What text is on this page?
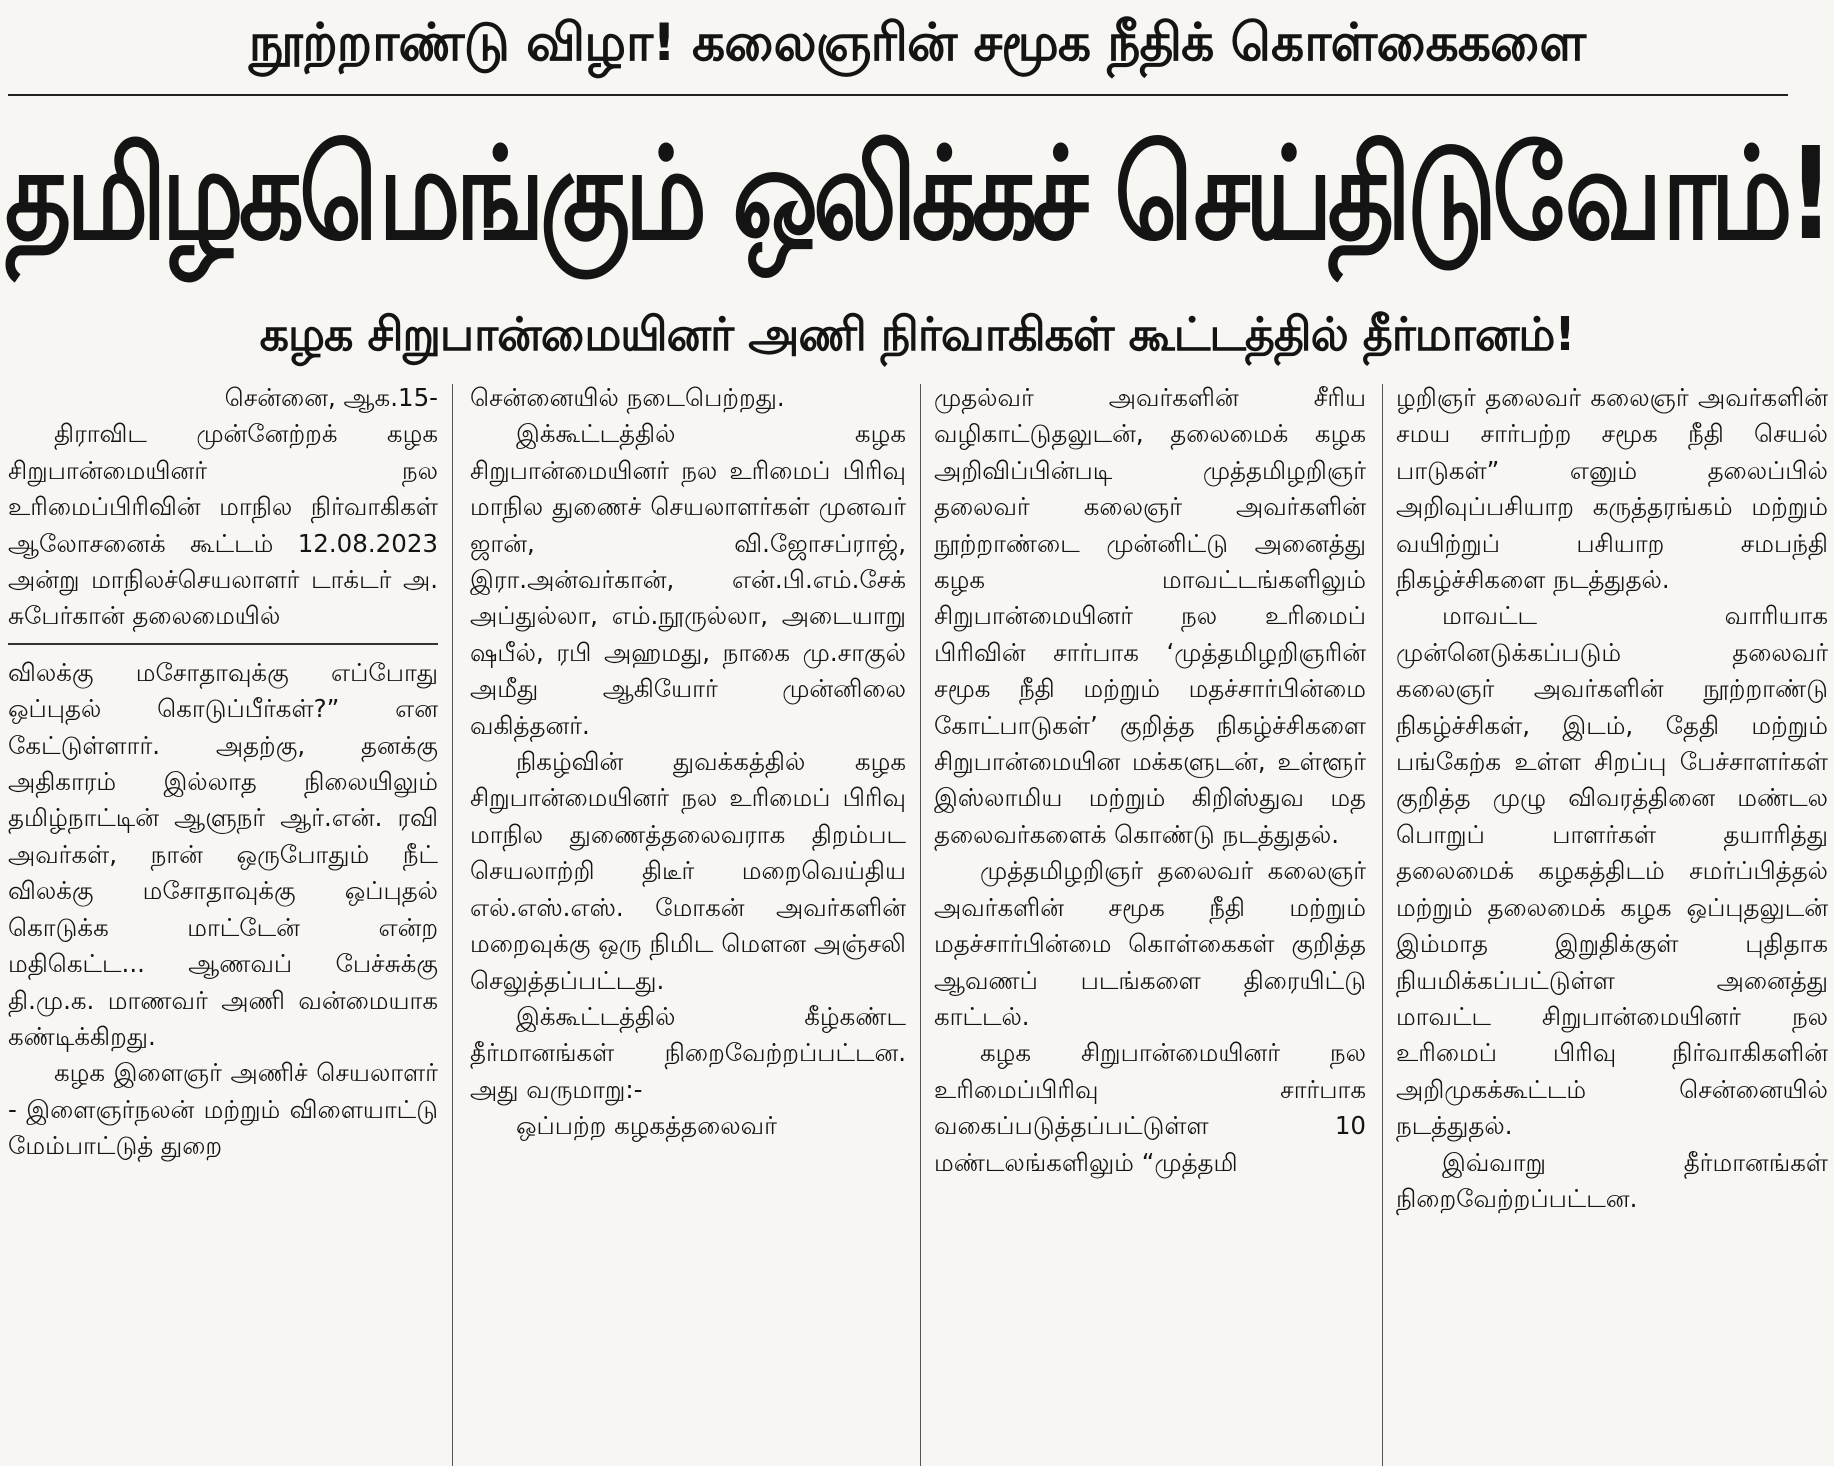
நூற்றாண்டு விழா! கலைஞரின் சமூக நீதிக் கொள்கைகளை
தமிழகமெங்கும் ஒலிக்கச் செய்திடுவோம்!
கழக சிறுபான்மையினர் அணி நிர்வாகிகள் கூட்டத்தில் தீர்மானம்!

சென்னை, ஆக.15-

திராவிட முன்னேற்றக் கழக சிறுபான்மையினர் நல உரிமைப்பிரிவின் மாநில நிர்வாகிகள் ஆலோசனைக் கூட்டம் 12.08.2023 அன்று மாநிலச்செயலாளர் டாக்டர் அ. சுபேர்கான் தலைமையில்

விலக்கு மசோதாவுக்கு எப்போது ஒப்புதல் கொடுப்பீர்கள்?” என கேட்டுள்ளார். அதற்கு, தனக்கு அதிகாரம் இல்லாத நிலையிலும் தமிழ்நாட்டின் ஆளுநர் ஆர்.என். ரவி அவர்கள், நான் ஒருபோதும் நீட் விலக்கு மசோதாவுக்கு ஒப்புதல் கொடுக்க மாட்டேன் என்ற மதிகெட்ட... ஆணவப் பேச்சுக்கு தி.மு.க. மாணவர் அணி வன்மையாக கண்டிக்கிறது.

கழக இளைஞர் அணிச் செயலாளர் - இளைஞர்நலன் மற்றும் விளையாட்டு மேம்பாட்டுத் துறை

சென்னையில் நடைபெற்றது.

இக்கூட்டத்தில் கழக சிறுபான்மையினர் நல உரிமைப் பிரிவு மாநில துணைச் செயலாளர்கள் முனவர் ஜான், வி.ஜோசப்ராஜ், இரா.அன்வர்கான், என்.பி.எம்.சேக் அப்துல்லா, எம்.நூருல்லா, அடையாறு ஷபீல், ரபி அஹமது, நாகை மு.சாகுல் அமீது ஆகியோர் முன்னிலை வகித்தனர்.

நிகழ்வின் துவக்கத்தில் கழக சிறுபான்மையினர் நல உரிமைப் பிரிவு மாநில துணைத்தலைவராக திறம்பட செயலாற்றி திடீர் மறைவெய்திய எல்.எஸ்.எஸ். மோகன் அவர்களின் மறைவுக்கு ஒரு நிமிட மௌன அஞ்சலி செலுத்தப்பட்டது.

இக்கூட்டத்தில் கீழ்கண்ட தீர்மானங்கள் நிறைவேற்றப்பட்டன. அது வருமாறு:-

ஒப்பற்ற கழகத்தலைவர்

முதல்வர் அவர்களின் சீரிய வழிகாட்டுதலுடன், தலைமைக் கழக அறிவிப்பின்படி முத்தமிழறிஞர் தலைவர் கலைஞர் அவர்களின் நூற்றாண்டை முன்னிட்டு அனைத்து கழக மாவட்டங்களிலும் சிறுபான்மையினர் நல உரிமைப் பிரிவின் சார்பாக ‘முத்தமிழறிஞரின் சமூக நீதி மற்றும் மதச்சார்பின்மை கோட்பாடுகள்’ குறித்த நிகழ்ச்சிகளை சிறுபான்மையின மக்களுடன், உள்ளூர் இஸ்லாமிய மற்றும் கிறிஸ்துவ மத தலைவர்களைக் கொண்டு நடத்துதல்.

முத்தமிழறிஞர் தலைவர் கலைஞர் அவர்களின் சமூக நீதி மற்றும் மதச்சார்பின்மை கொள்கைகள் குறித்த ஆவணப் படங்களை திரையிட்டு காட்டல்.

கழக சிறுபான்மையினர் நல உரிமைப்பிரிவு சார்பாக வகைப்படுத்தப்பட்டுள்ள 10 மண்டலங்களிலும் “முத்தமி

ழறிஞர் தலைவர் கலைஞர் அவர்களின் சமய சார்பற்ற சமூக நீதி செயல் பாடுகள்” எனும் தலைப்பில் அறிவுப்பசியாற கருத்தரங்கம் மற்றும் வயிற்றுப் பசியாற சமபந்தி நிகழ்ச்சிகளை நடத்துதல்.

மாவட்ட வாரியாக முன்னெடுக்கப்படும் தலைவர் கலைஞர் அவர்களின் நூற்றாண்டு நிகழ்ச்சிகள், இடம், தேதி மற்றும் பங்கேற்க உள்ள சிறப்பு பேச்சாளர்கள் குறித்த முழு விவரத்தினை மண்டல பொறுப் பாளர்கள் தயாரித்து தலைமைக் கழகத்திடம் சமர்ப்பித்தல் மற்றும் தலைமைக் கழக ஒப்புதலுடன் இம்மாத இறுதிக்குள் புதிதாக நியமிக்கப்பட்டுள்ள அனைத்து மாவட்ட சிறுபான்மையினர் நல உரிமைப் பிரிவு நிர்வாகிகளின் அறிமுகக்கூட்டம் சென்னையில் நடத்துதல்.

இவ்வாறு தீர்மானங்கள் நிறைவேற்றப்பட்டன.
